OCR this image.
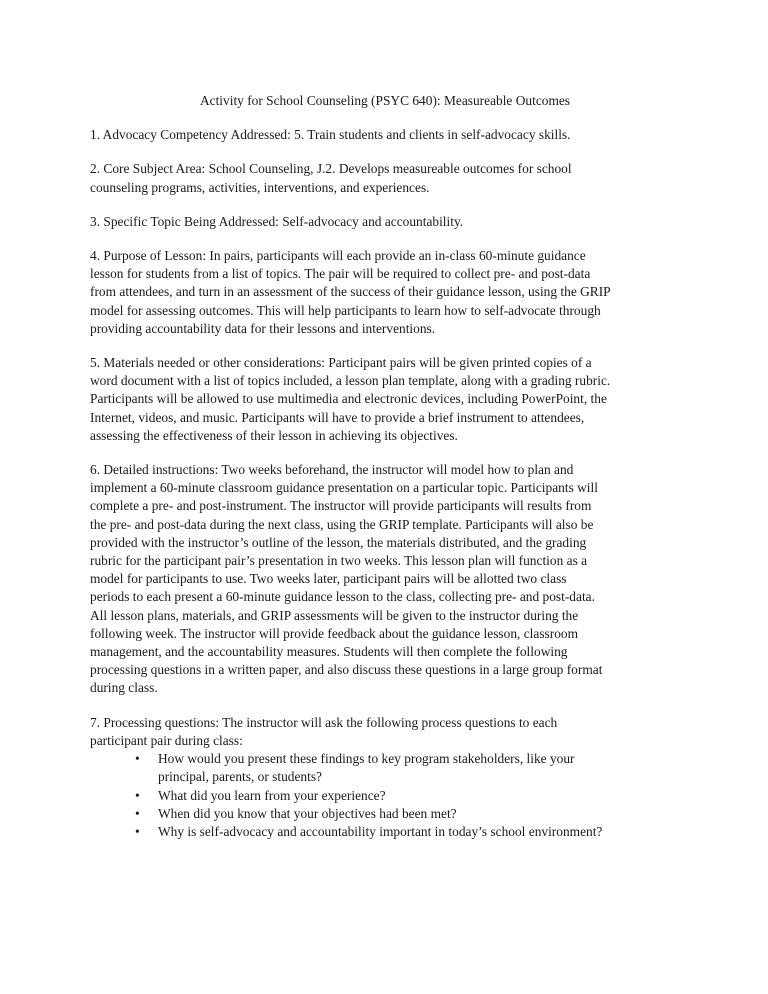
Activity for School Counseling (PSYC 640): Measureable Outcomes
1. Advocacy Competency Addressed: 5. Train students and clients in self-advocacy skills.
2. Core Subject Area: School Counseling, J.2. Develops measureable outcomes for school
counseling programs, activities, interventions, and experiences.
3. Specific Topic Being Addressed: Self-advocacy and accountability.
4. Purpose of Lesson: In pairs, participants will each provide an in-class 60-minute guidance
lesson for students from a list of topics. The pair will be required to collect pre- and post-data
from attendees, and turn in an assessment of the success of their guidance lesson, using the GRIP
model for assessing outcomes. This will help participants to learn how to self-advocate through
providing accountability data for their lessons and interventions.
5. Materials needed or other considerations: Participant pairs will be given printed copies of a
word document with a list of topics included, a lesson plan template, along with a grading rubric.
Participants will be allowed to use multimedia and electronic devices, including PowerPoint, the
Internet, videos, and music. Participants will have to provide a brief instrument to attendees,
assessing the effectiveness of their lesson in achieving its objectives.
6. Detailed instructions: Two weeks beforehand, the instructor will model how to plan and
implement a 60-minute classroom guidance presentation on a particular topic. Participants will
complete a pre- and post-instrument. The instructor will provide participants will results from
the pre- and post-data during the next class, using the GRIP template. Participants will also be
provided with the instructor’s outline of the lesson, the materials distributed, and the grading
rubric for the participant pair’s presentation in two weeks. This lesson plan will function as a
model for participants to use. Two weeks later, participant pairs will be allotted two class
periods to each present a 60-minute guidance lesson to the class, collecting pre- and post-data.
All lesson plans, materials, and GRIP assessments will be given to the instructor during the
following week. The instructor will provide feedback about the guidance lesson, classroom
management, and the accountability measures. Students will then complete the following
processing questions in a written paper, and also discuss these questions in a large group format
during class.
7. Processing questions: The instructor will ask the following process questions to each
participant pair during class:
• How would you present these findings to key program stakeholders, like your
principal, parents, or students?
• What did you learn from your experience?
• When did you know that your objectives had been met?
• Why is self-advocacy and accountability important in today’s school environment?
